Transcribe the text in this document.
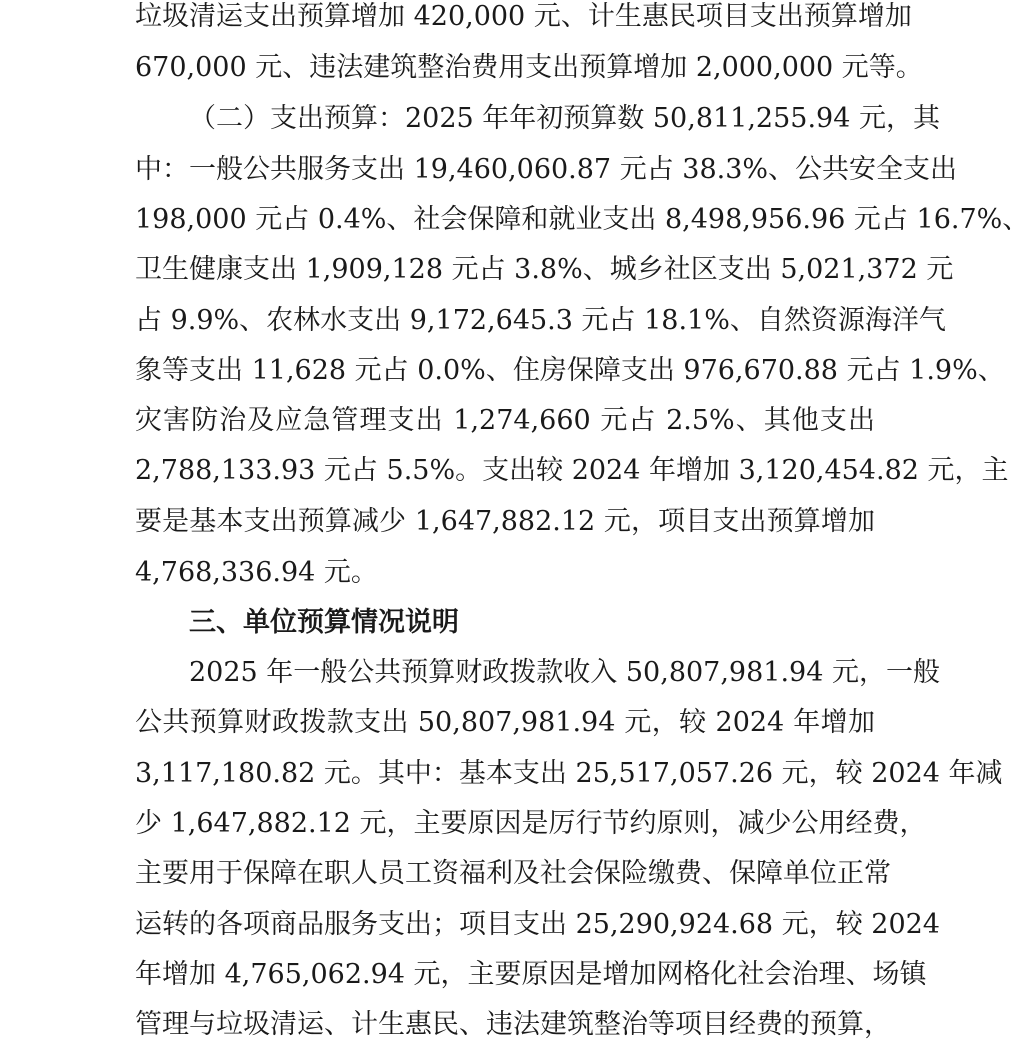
垃圾清运支出预算增加 420,000 元、计生惠民项目支出预算增加
670,000 元、违法建筑整治费用支出预算增加 2,000,000 元等。
（二）支出预算：2025 年年初预算数 50,811,255.94 元，其
中：一般公共服务支出 19,460,060.87 元占 38.3%、公共安全支出
198,000 元占 0.4%、社会保障和就业支出 8,498,956.96 元占 16.7%、
卫生健康支出 1,909,128 元占 3.8%、城乡社区支出 5,021,372 元
占 9.9%、农林水支出 9,172,645.3 元占 18.1%、自然资源海洋气
象等支出 11,628 元占 0.0%、住房保障支出 976,670.88 元占 1.9%、
灾害防治及应急管理支出 1,274,660 元占 2.5%、其他支出
2,788,133.93 元占 5.5%。支出较 2024 年增加 3,120,454.82 元，主
要是基本支出预算减少 1,647,882.12 元，项目支出预算增加
4,768,336.94 元。
三、单位预算情况说明
2025 年一般公共预算财政拨款收入 50,807,981.94 元，一般
公共预算财政拨款支出 50,807,981.94 元，较 2024 年增加
3,117,180.82 元。其中：基本支出 25,517,057.26 元，较 2024 年减
少 1,647,882.12 元，主要原因是厉行节约原则，减少公用经费，
主要用于保障在职人员工资福利及社会保险缴费、保障单位正常
运转的各项商品服务支出；项目支出 25,290,924.68 元，较 2024
年增加 4,765,062.94 元，主要原因是增加网格化社会治理、场镇
管理与垃圾清运、计生惠民、违法建筑整治等项目经费的预算，
